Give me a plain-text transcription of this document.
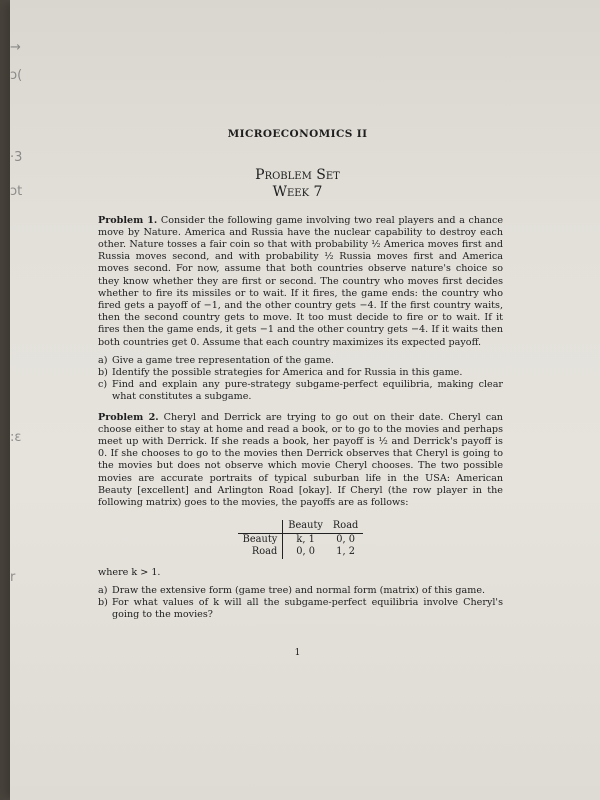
→
ɔ(
·3
ɔt
:ε
r
MICROECONOMICS II
Problem Set
Week 7
Problem 1. Consider the following game involving two real players and a chance move by Nature. America and Russia have the nuclear capability to destroy each other. Nature tosses a fair coin so that with probability ½ America moves first and Russia moves second, and with probability ½ Russia moves first and America moves second. For now, assume that both countries observe nature's choice so they know whether they are first or second. The country who moves first decides whether to fire its missiles or to wait. If it fires, the game ends: the country who fired gets a payoff of −1, and the other country gets −4. If the first country waits, then the second country gets to move. It too must decide to fire or to wait. If it fires then the game ends, it gets −1 and the other country gets −4. If it waits then both countries get 0. Assume that each country maximizes its expected payoff.
a) Give a game tree representation of the game.
b) Identify the possible strategies for America and for Russia in this game.
c) Find and explain any pure-strategy subgame-perfect equilibria, making clear what constitutes a subgame.
Problem 2. Cheryl and Derrick are trying to go out on their date. Cheryl can choose either to stay at home and read a book, or to go to the movies and perhaps meet up with Derrick. If she reads a book, her payoff is ½ and Derrick's payoff is 0. If she chooses to go to the movies then Derrick observes that Cheryl is going to the movies but does not observe which movie Cheryl chooses. The two possible movies are accurate portraits of typical suburban life in the USA: American Beauty [excellent] and Arlington Road [okay]. If Cheryl (the row player in the following matrix) goes to the movies, the payoffs are as follows:
	Beauty	Road
Beauty	k, 1	0, 0
Road	0, 0	1, 2
where k > 1.
a) Draw the extensive form (game tree) and normal form (matrix) of this game.
b) For what values of k will all the subgame-perfect equilibria involve Cheryl's going to the movies?
1
